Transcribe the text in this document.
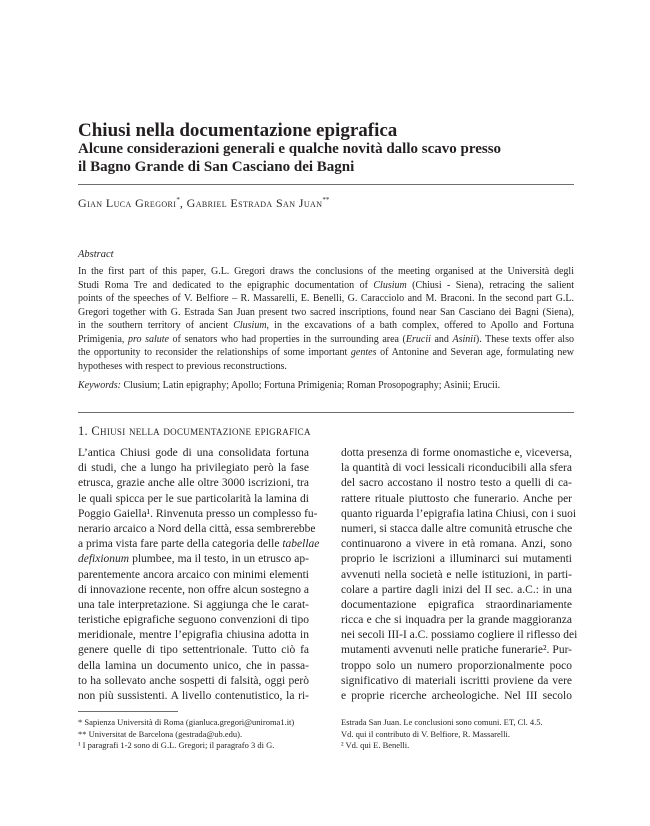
Chiusi nella documentazione epigrafica
Alcune considerazioni generali e qualche novità dallo scavo presso
il Bagno Grande di San Casciano dei Bagni
Gian Luca Gregori*, Gabriel Estrada San Juan**
Abstract
In the first part of this paper, G.L. Gregori draws the conclusions of the meeting organised at the Università degli
Studi Roma Tre and dedicated to the epigraphic documentation of Clusium (Chiusi - Siena), retracing the salient
points of the speeches of V. Belfiore – R. Massarelli, E. Benelli, G. Caracciolo and M. Braconi. In the second part G.L.
Gregori together with G. Estrada San Juan present two sacred inscriptions, found near San Casciano dei Bagni (Siena),
in the southern territory of ancient Clusium, in the excavations of a bath complex, offered to Apollo and Fortuna
Primigenia, pro salute of senators who had properties in the surrounding area (Erucii and Asinii). These texts offer also
the opportunity to reconsider the relationships of some important gentes of Antonine and Severan age, formulating new
hypotheses with respect to previous reconstructions.
Keywords: Clusium; Latin epigraphy; Apollo; Fortuna Primigenia; Roman Prosopography; Asinii; Erucii.
1. Chiusi nella documentazione epigrafica
L’antica Chiusi gode di una consolidata fortuna
di studi, che a lungo ha privilegiato però la fase
etrusca, grazie anche alle oltre 3000 iscrizioni, tra
le quali spicca per le sue particolarità la lamina di
Poggio Gaiella¹. Rinvenuta presso un complesso fu-
nerario arcaico a Nord della città, essa sembrerebbe
a prima vista fare parte della categoria delle tabellae
defixionum plumbee, ma il testo, in un etrusco ap-
parentemente ancora arcaico con minimi elementi
di innovazione recente, non offre alcun sostegno a
una tale interpretazione. Si aggiunga che le carat-
teristiche epigrafiche seguono convenzioni di tipo
meridionale, mentre l’epigrafia chiusina adotta in
genere quelle di tipo settentrionale. Tutto ciò fa
della lamina un documento unico, che in passa-
to ha sollevato anche sospetti di falsità, oggi però
non più sussistenti. A livello contenutistico, la ri-
dotta presenza di forme onomastiche e, viceversa,
la quantità di voci lessicali riconducibili alla sfera
del sacro accostano il nostro testo a quelli di ca-
rattere rituale piuttosto che funerario. Anche per
quanto riguarda l’epigrafia latina Chiusi, con i suoi
numeri, si stacca dalle altre comunità etrusche che
continuarono a vivere in età romana. Anzi, sono
proprio le iscrizioni a illuminarci sui mutamenti
avvenuti nella società e nelle istituzioni, in parti-
colare a partire dagli inizi del II sec. a.C.: in una
documentazione epigrafica straordinariamente
ricca e che si inquadra per la grande maggioranza
nei secoli III-I a.C. possiamo cogliere il riflesso dei
mutamenti avvenuti nelle pratiche funerarie². Pur-
troppo solo un numero proporzionalmente poco
significativo di materiali iscritti proviene da vere
e proprie ricerche archeologiche. Nel III secolo
* Sapienza Università di Roma (gianluca.gregori@uniroma1.it)
** Universitat de Barcelona (gestrada@ub.edu).
¹ I paragrafi 1-2 sono di G.L. Gregori; il paragrafo 3 di G.
Estrada San Juan. Le conclusioni sono comuni. ET, Cl. 4.5.
Vd. qui il contributo di V. Belfiore, R. Massarelli.
² Vd. qui E. Benelli.
